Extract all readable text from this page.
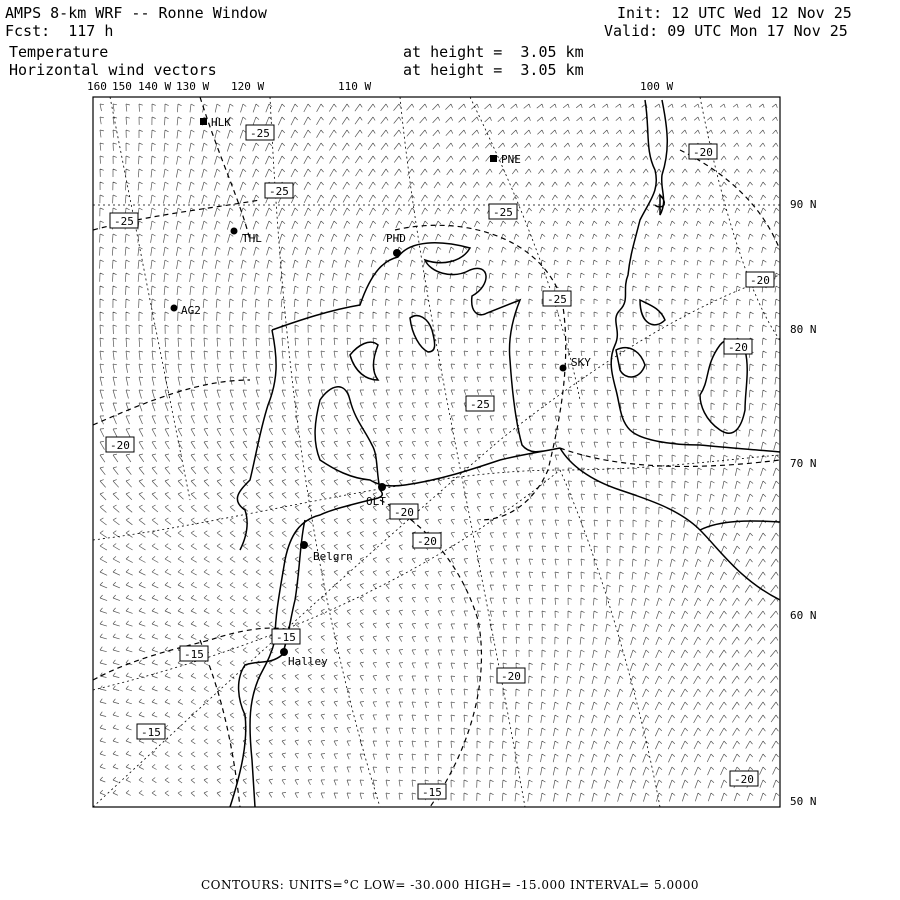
AMPS 8-km WRF -- Ronne Window
Fcst:  117 h
Temperature
Horizontal wind vectors
at height =  3.05 km
at height =  3.05 km
Init: 12 UTC Wed 12 Nov 25
Valid: 09 UTC Mon 17 Nov 25
HLK
PNE
THL	PHD
AG2
SKY
OLT
Belgrn
Halley
-25
-25
-25
-25
-25
-25
-20
-20
-20
-20
-20
-20
-20
-20
-15
-15
-15
-15
160 150 140 W 130 W 120 W	110 W	100 W
90 N
80 N
70 N
60 N
50 N
CONTOURS: UNITS=°C LOW= -30.000 HIGH= -15.000 INTERVAL= 5.0000
